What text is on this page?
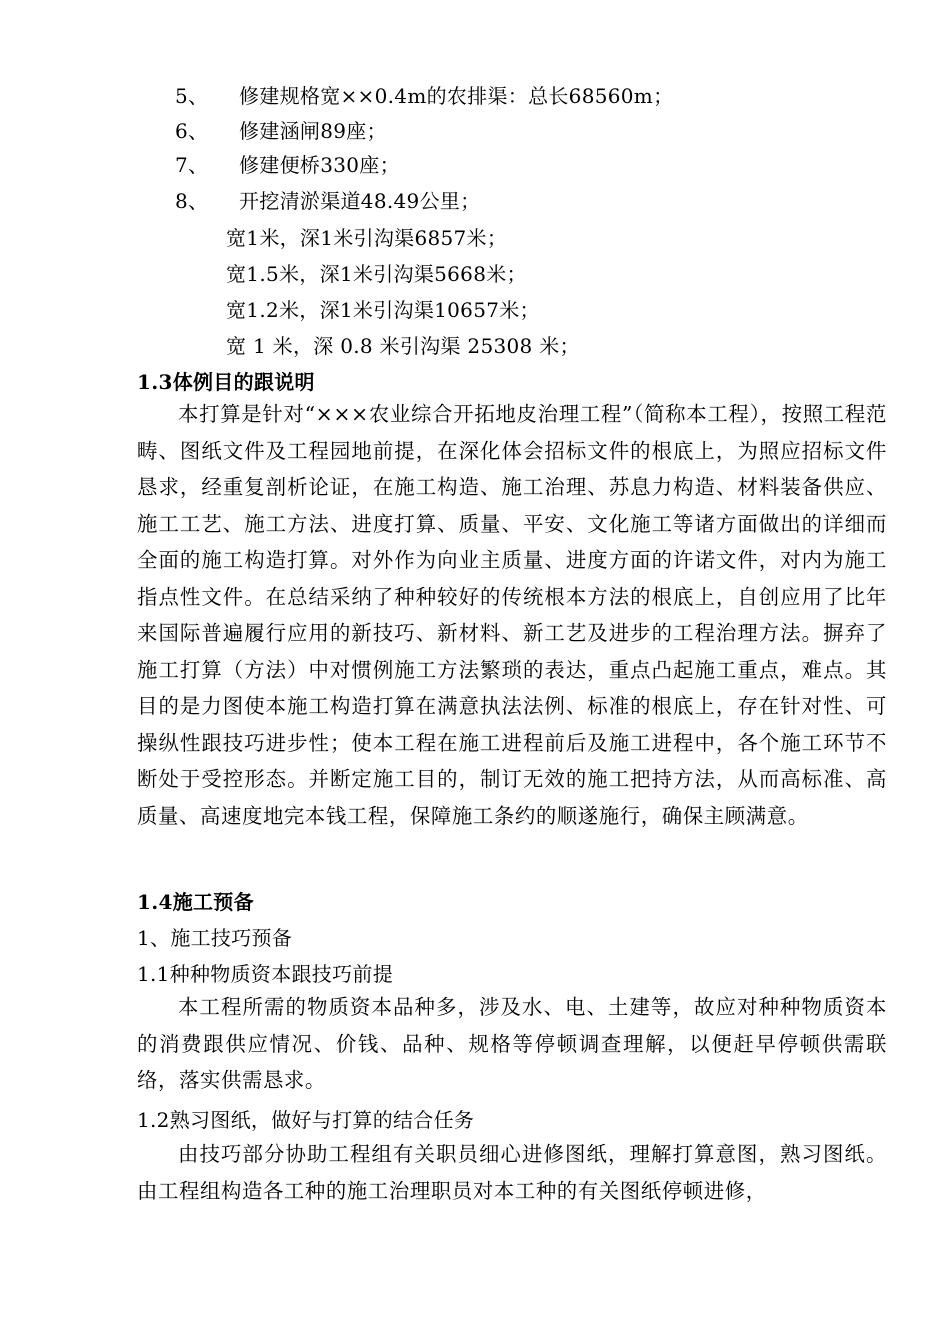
5、 修建规格宽××0.4m的农排渠：总长68560m；
6、 修建涵闸89座；
7、 修建便桥330座；
8、 开挖清淤渠道48.49公里；
宽1米，深1米引沟渠6857米；
宽1.5米，深1米引沟渠5668米；
宽1.2米，深1米引沟渠10657米；
宽 1 米，深 0.8 米引沟渠 25308 米；
1.3体例目的跟说明
本打算是针对“×××农业综合开拓地皮治理工程”（简称本工程），按照工程范畴、图纸文件及工程园地前提，在深化体会招标文件的根底上，为照应招标文件恳求，经重复剖析论证，在施工构造、施工治理、苏息力构造、材料装备供应、施工工艺、施工方法、进度打算、质量、平安、文化施工等诸方面做出的详细而全面的施工构造打算。对外作为向业主质量、进度方面的许诺文件，对内为施工指点性文件。在总结采纳了种种较好的传统根本方法的根底上，自创应用了比年来国际普遍履行应用的新技巧、新材料、新工艺及进步的工程治理方法。摒弃了施工打算（方法）中对惯例施工方法繁琐的表达，重点凸起施工重点，难点。其目的是力图使本施工构造打算在满意执法法例、标准的根底上，存在针对性、可操纵性跟技巧进步性；使本工程在施工进程前后及施工进程中，各个施工环节不断处于受控形态。并断定施工目的，制订无效的施工把持方法，从而高标准、高质量、高速度地完本钱工程，保障施工条约的顺遂施行，确保主顾满意。
1.4施工预备
1、施工技巧预备
1.1种种物质资本跟技巧前提
本工程所需的物质资本品种多，涉及水、电、土建等，故应对种种物质资本的消费跟供应情况、价钱、品种、规格等停顿调查理解，以便赶早停顿供需联络，落实供需恳求。
1.2熟习图纸，做好与打算的结合任务
由技巧部分协助工程组有关职员细心进修图纸，理解打算意图，熟习图纸。由工程组构造各工种的施工治理职员对本工种的有关图纸停顿进修，
